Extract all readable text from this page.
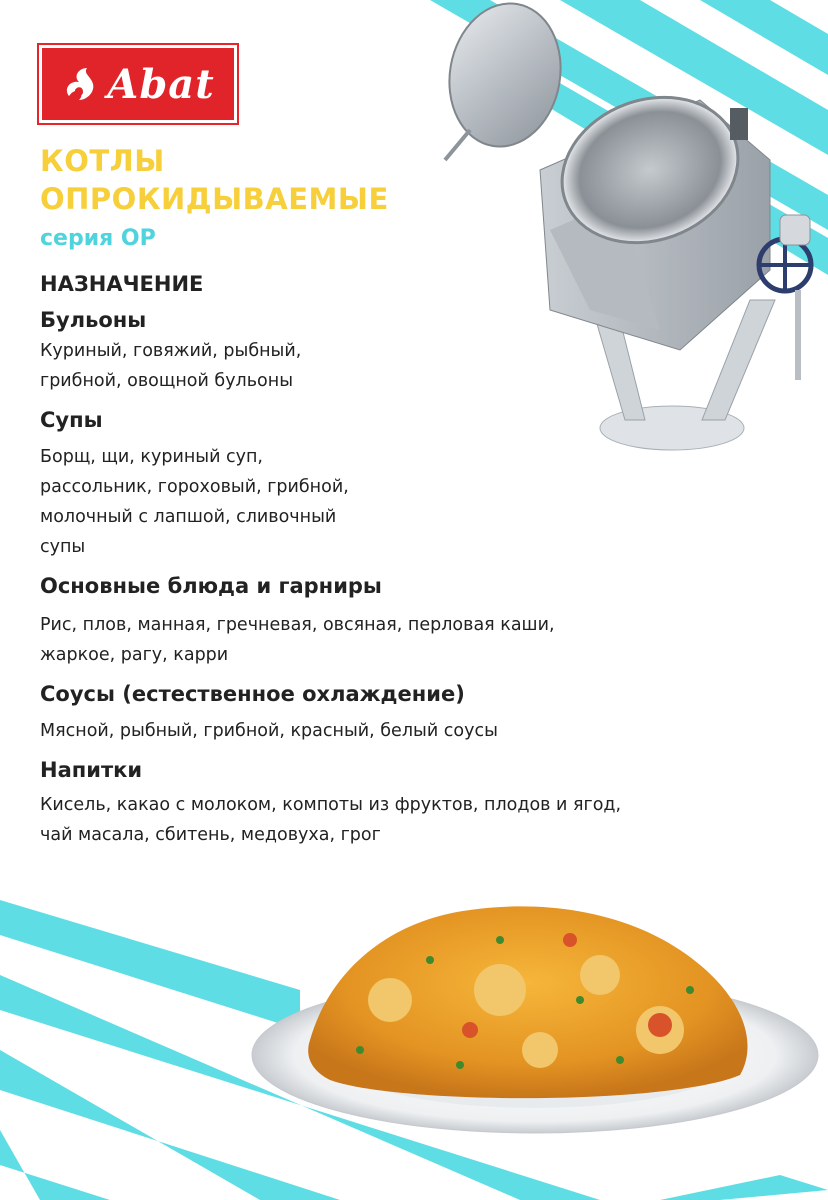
Abat
КОТЛЫ
ОПРОКИДЫВАЕМЫЕ

серия ОР

НАЗНАЧЕНИЕ
Бульоны

Куриный, говяжий, рыбный,

грибной, овощной бульоны

Супы

Борщ, щи, куриный суп,

рассольник, гороховый, грибной,

молочный с лапшой, сливочный

супы

Основные блюда и гарниры

Рис, плов, манная, гречневая, овсяная, перловая каши,

жаркое, рагу, карри

Соусы (естественное охлаждение)

Мясной, рыбный, грибной, красный, белый соусы

Напитки

Кисель, какао с молоком, компоты из фруктов, плодов и ягод,

чай масала, сбитень, медовуха, грог
